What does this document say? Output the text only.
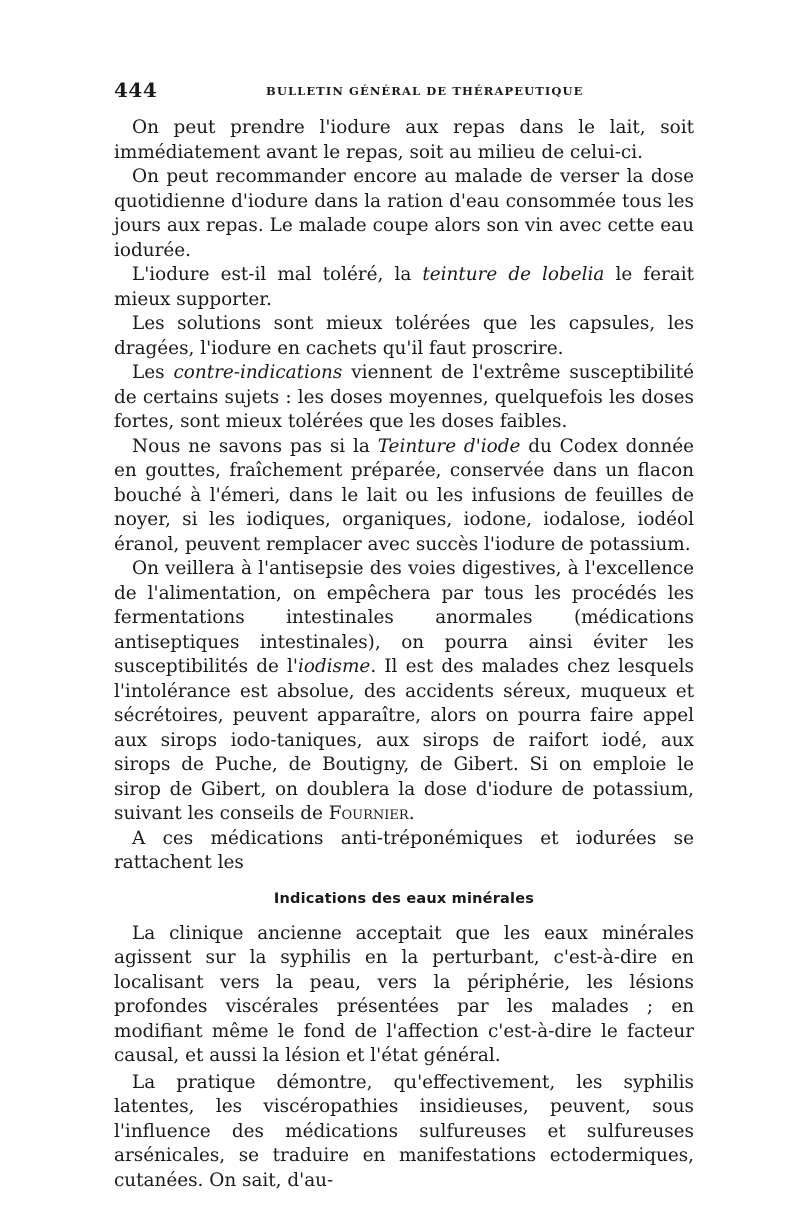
444	BULLETIN GÉNÉRAL DE THÉRAPEUTIQUE

On peut prendre l'iodure aux repas dans le lait, soit immédiatement avant le repas, soit au milieu de celui-ci.

On peut recommander encore au malade de verser la dose quotidienne d'iodure dans la ration d'eau consommée tous les jours aux repas. Le malade coupe alors son vin avec cette eau iodurée.

L'iodure est-il mal toléré, la teinture de lobelia le ferait mieux supporter.

Les solutions sont mieux tolérées que les capsules, les dragées, l'iodure en cachets qu'il faut proscrire.

Les contre-indications viennent de l'extrême susceptibilité de certains sujets : les doses moyennes, quelquefois les doses fortes, sont mieux tolérées que les doses faibles.

Nous ne savons pas si la Teinture d'iode du Codex donnée en gouttes, fraîchement préparée, conservée dans un flacon bouché à l'émeri, dans le lait ou les infusions de feuilles de noyer, si les iodiques, organiques, iodone, iodalose, iodéol éranol, peuvent remplacer avec succès l'iodure de potassium.

On veillera à l'antisepsie des voies digestives, à l'excellence de l'alimentation, on empêchera par tous les procédés les fermentations intestinales anormales (médications antiseptiques intestinales), on pourra ainsi éviter les susceptibilités de l'iodisme. Il est des malades chez lesquels l'intolérance est absolue, des accidents séreux, muqueux et sécrétoires, peuvent apparaître, alors on pourra faire appel aux sirops iodo-taniques, aux sirops de raifort iodé, aux sirops de Puche, de Boutigny, de Gibert. Si on emploie le sirop de Gibert, on doublera la dose d'iodure de potassium, suivant les conseils de Fournier.

A ces médications anti-tréponémiques et iodurées se rattachent les

Indications des eaux minérales

La clinique ancienne acceptait que les eaux minérales agissent sur la syphilis en la perturbant, c'est-à-dire en localisant vers la peau, vers la périphérie, les lésions profondes viscérales présentées par les malades ; en modifiant même le fond de l'affection c'est-à-dire le facteur causal, et aussi la lésion et l'état général.

La pratique démontre, qu'effectivement, les syphilis latentes, les viscéropathies insidieuses, peuvent, sous l'influence des médications sulfureuses et sulfureuses arsénicales, se traduire en manifestations ectodermiques, cutanées. On sait, d'au-
